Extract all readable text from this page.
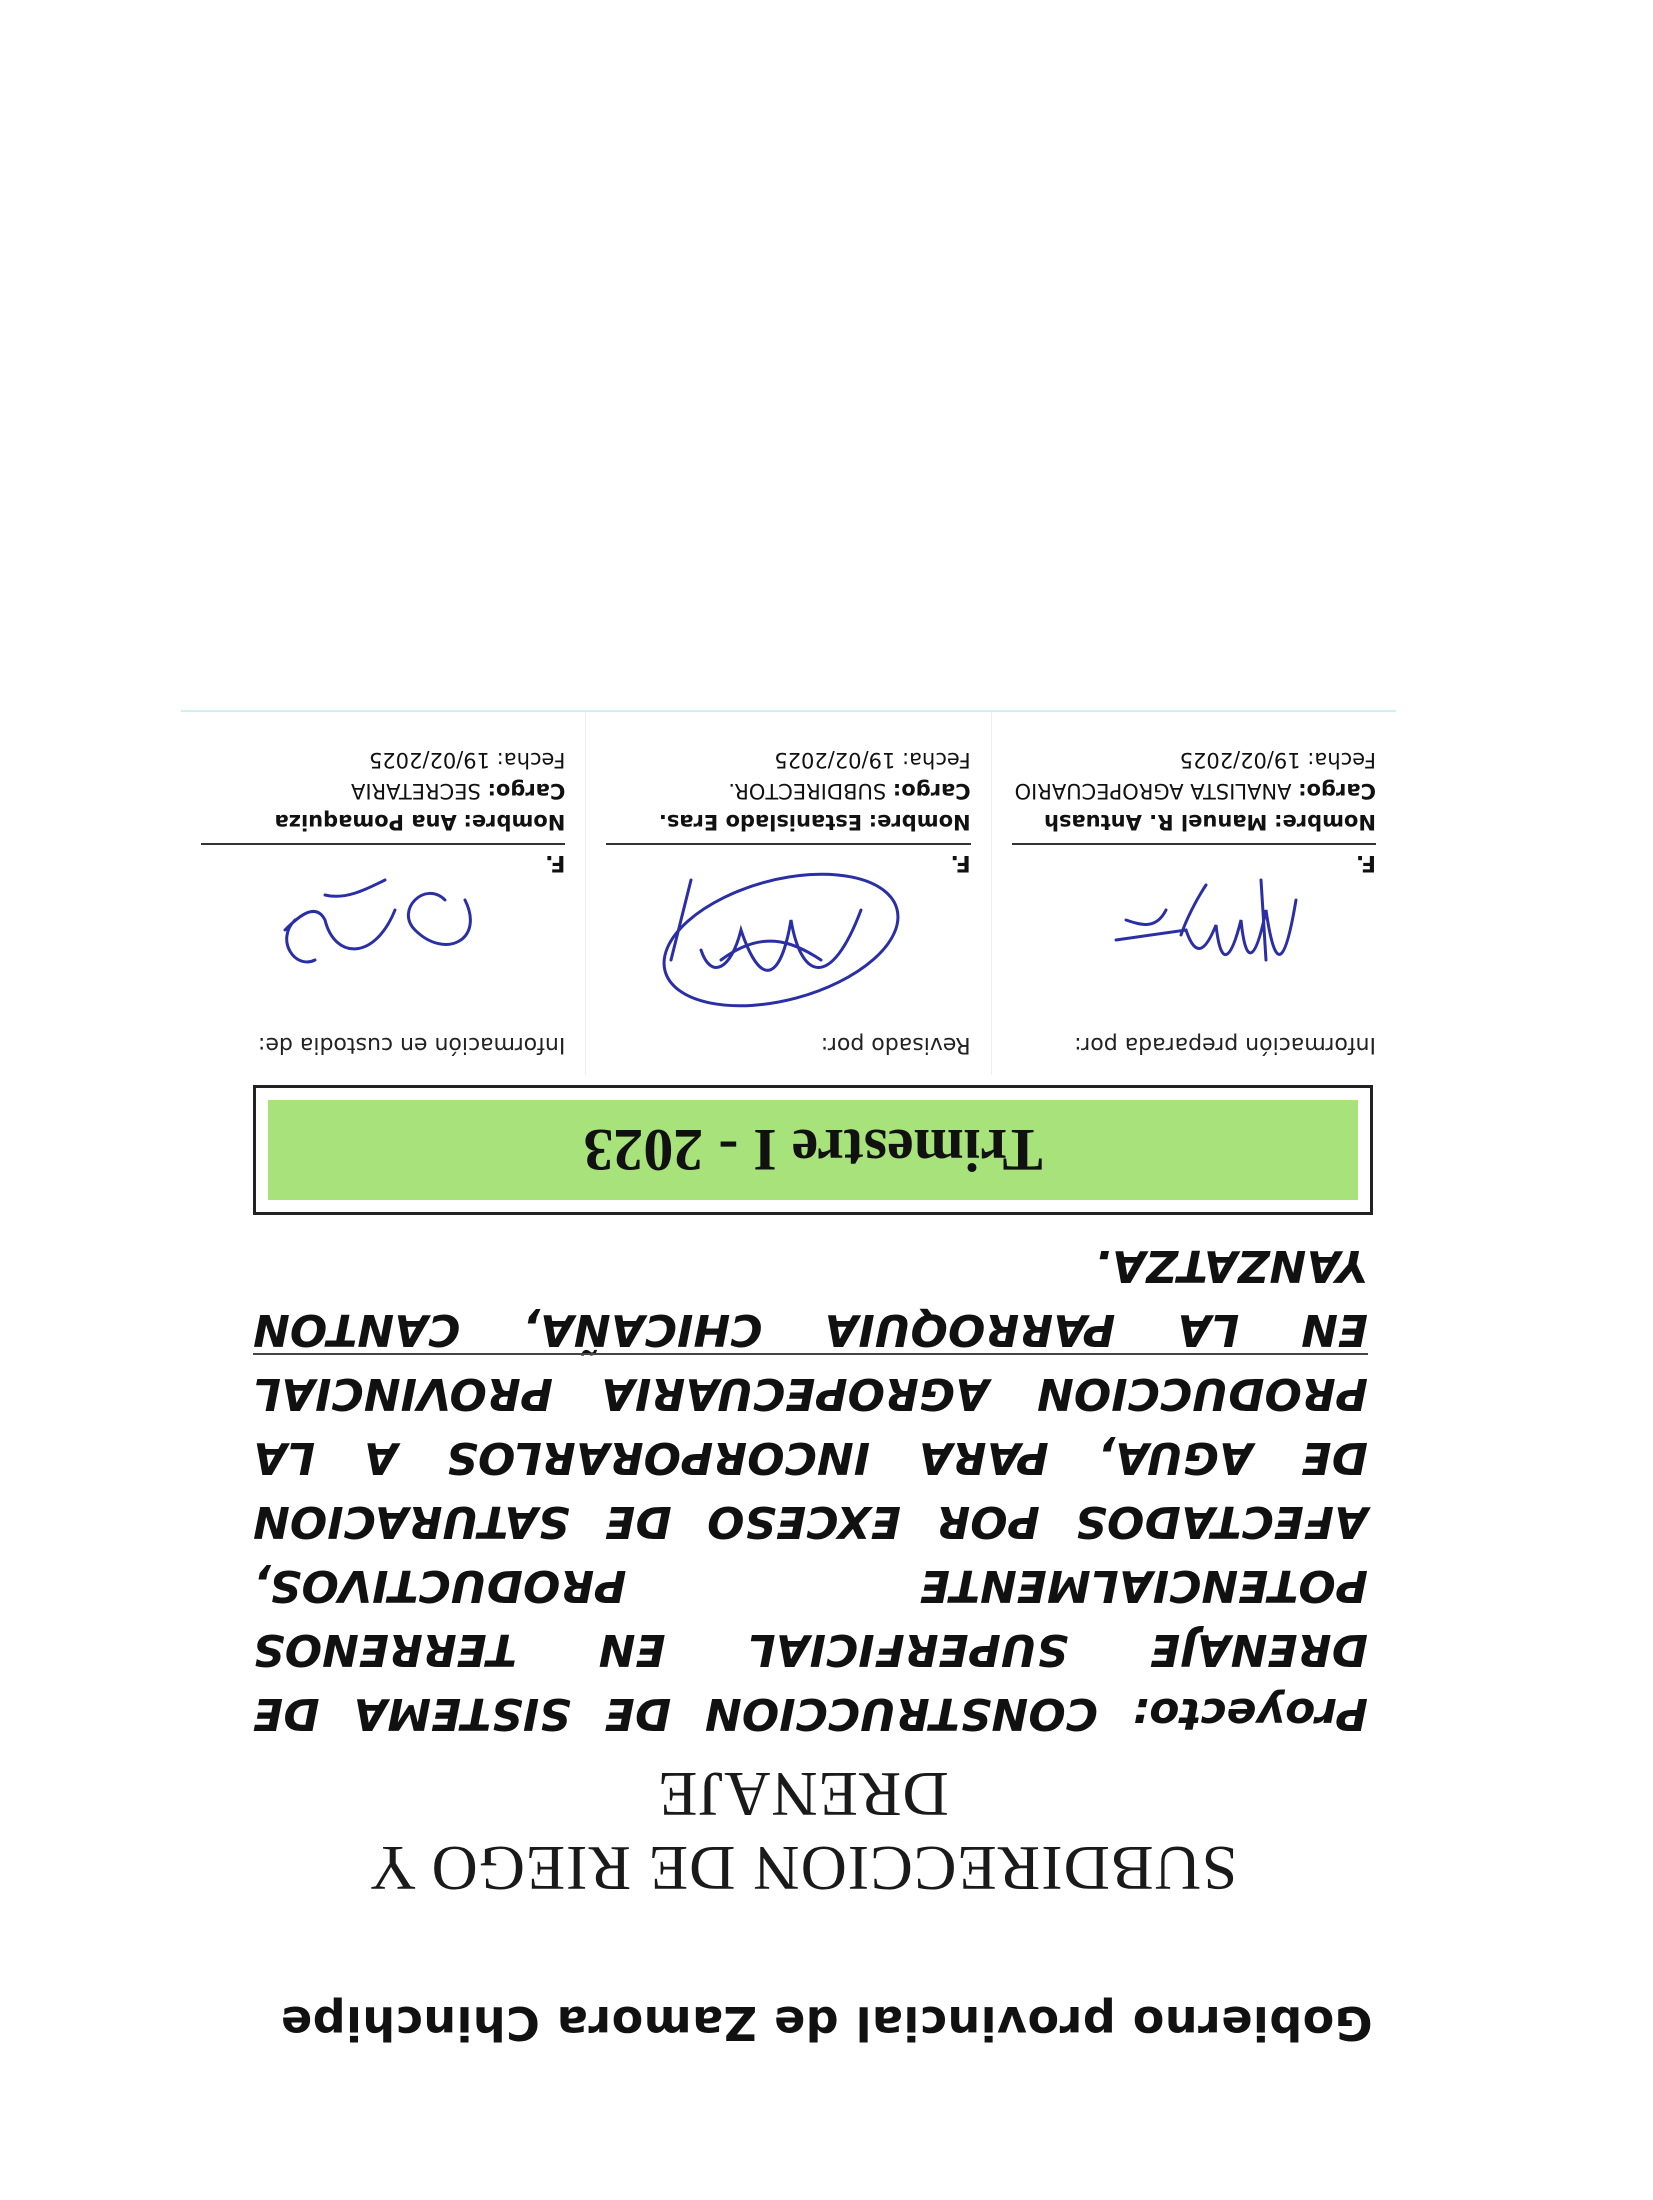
Gobierno provincial de Zamora Chinchipe
SUBDIRECCION DE RIEGO Y DRENAJE
Proyecto: CONSTRUCCION DE SISTEMA DE DRENAJE SUPERFICIAL EN TERRENOS POTENCIALMENTE PRODUCTIVOS, AFECTADOS POR EXCESO DE SATURACION DE AGUA, PARA INCORPORARLOS A LA PRODUCCION AGROPECUARIA PROVINCIAL EN LA PARROQUIA CHICAÑA, CANTON YANZATZA.
Trimestre I - 2023
Información preparada por:
F.
Nombre: Manuel R. Antuash
Cargo: ANALISTA AGROPECUARIO
Fecha: 19/02/2025
Revisado por:
F.
Nombre: Estanislado Eras.
Cargo: SUBDIRECTOR.
Fecha: 19/02/2025
Información en custodia de:
F.
Nombre: Ana Pomaquiza
Cargo: SECRETARIA
Fecha: 19/02/2025
